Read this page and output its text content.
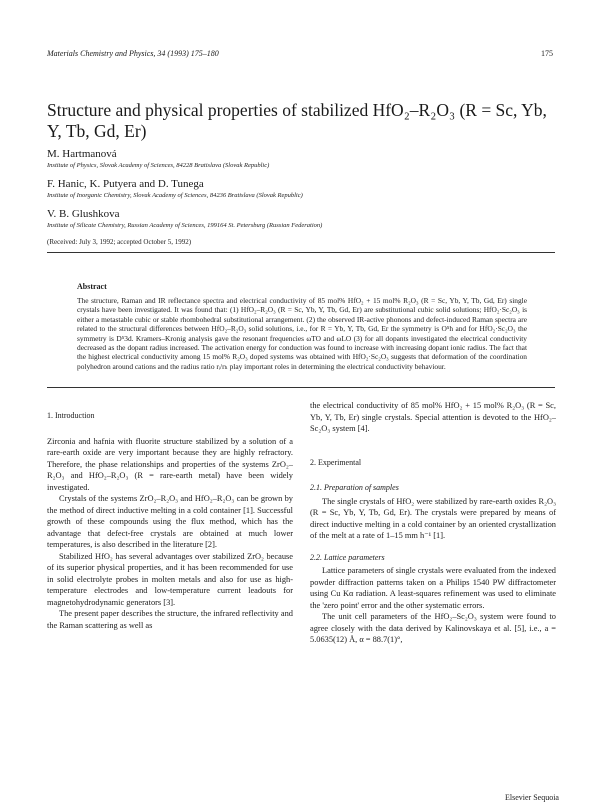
Materials Chemistry and Physics, 34 (1993) 175–180	175
Structure and physical properties of stabilized HfO₂–R₂O₃ (R = Sc, Yb, Y, Tb, Gd, Er)
M. Hartmanová
Institute of Physics, Slovak Academy of Sciences, 84228 Bratislava (Slovak Republic)
F. Hanic, K. Putyera and D. Tunega
Institute of Inorganic Chemistry, Slovak Academy of Sciences, 84236 Bratislava (Slovak Republic)
V. B. Glushkova
Institute of Silicate Chemistry, Russian Academy of Sciences, 199164 St. Petersburg (Russian Federation)
(Received: July 3, 1992; accepted October 5, 1992)
Abstract
The structure, Raman and IR reflectance spectra and electrical conductivity of 85 mol% HfO₂ + 15 mol% R₂O₃ (R = Sc, Yb, Y, Tb, Gd, Er) single crystals have been investigated. It was found that: (1) HfO₂–R₂O₃ (R = Sc, Yb, Y, Tb, Gd, Er) are substitutional cubic solid solutions; HfO₂·Sc₂O₃ is either a metastable cubic or stable rhombohedral substitutional arrangement. (2) the observed IR-active phonons and defect-induced Raman spectra are related to the structural differences between HfO₂–R₂O₃ solid solutions, i.e., for R = Yb, Y, Tb, Gd, Er the symmetry is O⁵h and for HfO₂·Sc₂O₃ the symmetry is D⁵3d. Kramers–Kronig analysis gave the resonant frequencies ωTO and ωLO (3) for all dopants investigated the electrical conductivity decreased as the dopant radius increased. The activation energy for conduction was found to increase with increasing dopant ionic radius. The fact that the highest electrical conductivity among 15 mol% R₂O₃ doped systems was obtained with HfO₂·Sc₂O₃ suggests that deformation of the coordination polyhedron around cations and the radius ratio rᵢ/rₕ play important roles in determining the electrical conductivity behaviour.
1. Introduction

Zirconia and hafnia with fluorite structure stabilized by a solution of a rare-earth oxide are very important because they are highly refractory. Therefore, the phase relationships and properties of the systems ZrO₂–R₂O₃ and HfO₂–R₂O₃ (R = rare-earth metal) have been widely investigated.

Crystals of the systems ZrO₂–R₂O₃ and HfO₂–R₂O₃ can be grown by the method of direct inductive melting in a cold container [1]. Successful growth of these compounds using the flux method, which has the advantage that defect-free crystals are obtained at much lower temperatures, is also described in the literature [2].

Stabilized HfO₂ has several advantages over stabilized ZrO₂ because of its superior physical properties, and it has been recommended for use in solid electrolyte probes in molten metals and also for use as high-temperature electrodes and low-temperature current leadouts for magnetohydrodynamic generators [3].

The present paper describes the structure, the infrared reflectivity and the Raman scattering as well as

the electrical conductivity of 85 mol% HfO₂ + 15 mol% R₂O₃ (R = Sc, Yb, Y, Tb, Er) single crystals. Special attention is devoted to the HfO₂–Sc₂O₃ system [4].

2. Experimental
2.1. Preparation of samples

The single crystals of HfO₂ were stabilized by rare-earth oxides R₂O₃ (R = Sc, Yb, Y, Tb, Gd, Er). The crystals were prepared by means of direct inductive melting in a cold container by an oriented crystallization of the melt at a rate of 1–15 mm h⁻¹ [1].

2.2. Lattice parameters

Lattice parameters of single crystals were evaluated from the indexed powder diffraction patterns taken on a Philips 1540 PW diffractometer using Cu Kα radiation. A least-squares refinement was used to eliminate the 'zero point' error and the other systematic errors.

The unit cell parameters of the HfO₂–Sc₂O₃ system were found to agree closely with the data derived by Kalinovskaya et al. [5], i.e., a = 5.0635(12) Å, α = 88.7(1)°,

Elsevier Sequoia
